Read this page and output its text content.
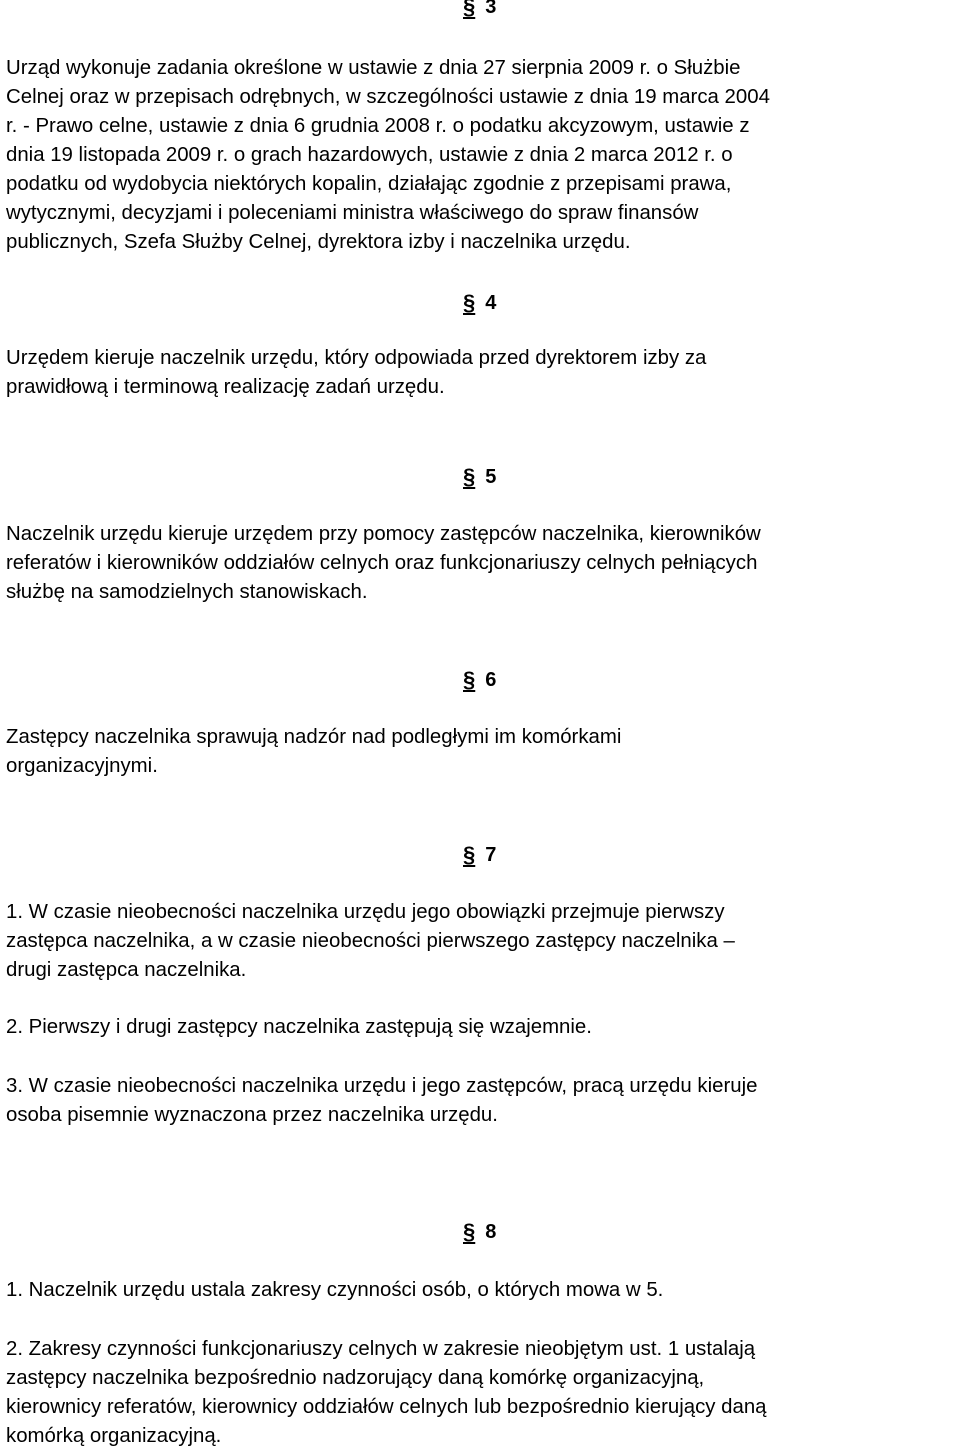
§ 3
Urząd wykonuje zadania określone w ustawie z dnia 27 sierpnia 2009 r. o Służbie
Celnej oraz w przepisach odrębnych, w szczególności ustawie z dnia 19 marca 2004
r. - Prawo celne, ustawie z dnia 6 grudnia 2008 r. o podatku akcyzowym, ustawie z
dnia 19 listopada 2009 r. o grach hazardowych, ustawie z dnia 2 marca 2012 r. o
podatku od wydobycia niektórych kopalin, działając zgodnie z przepisami prawa,
wytycznymi, decyzjami i poleceniami ministra właściwego do spraw finansów
publicznych, Szefa Służby Celnej, dyrektora izby i naczelnika urzędu.
§ 4
Urzędem kieruje naczelnik urzędu, który odpowiada przed dyrektorem izby za
prawidłową i terminową realizację zadań urzędu.
§ 5
Naczelnik urzędu kieruje urzędem przy pomocy zastępców naczelnika, kierowników
referatów i kierowników oddziałów celnych oraz funkcjonariuszy celnych pełniących
służbę na samodzielnych stanowiskach.
§ 6
Zastępcy naczelnika sprawują nadzór nad podległymi im komórkami
organizacyjnymi.
§ 7
1. W czasie nieobecności naczelnika urzędu jego obowiązki przejmuje pierwszy
zastępca naczelnika, a w czasie nieobecności pierwszego zastępcy naczelnika –
drugi zastępca naczelnika.
2. Pierwszy i drugi zastępcy naczelnika zastępują się wzajemnie.
3. W czasie nieobecności naczelnika urzędu i jego zastępców, pracą urzędu kieruje
osoba pisemnie wyznaczona przez naczelnika urzędu.
§ 8
1. Naczelnik urzędu ustala zakresy czynności osób, o których mowa w 5.
2. Zakresy czynności funkcjonariuszy celnych w zakresie nieobjętym ust. 1 ustalają
zastępcy naczelnika bezpośrednio nadzorujący daną komórkę organizacyjną,
kierownicy referatów, kierownicy oddziałów celnych lub bezpośrednio kierujący daną
komórką organizacyjną.
